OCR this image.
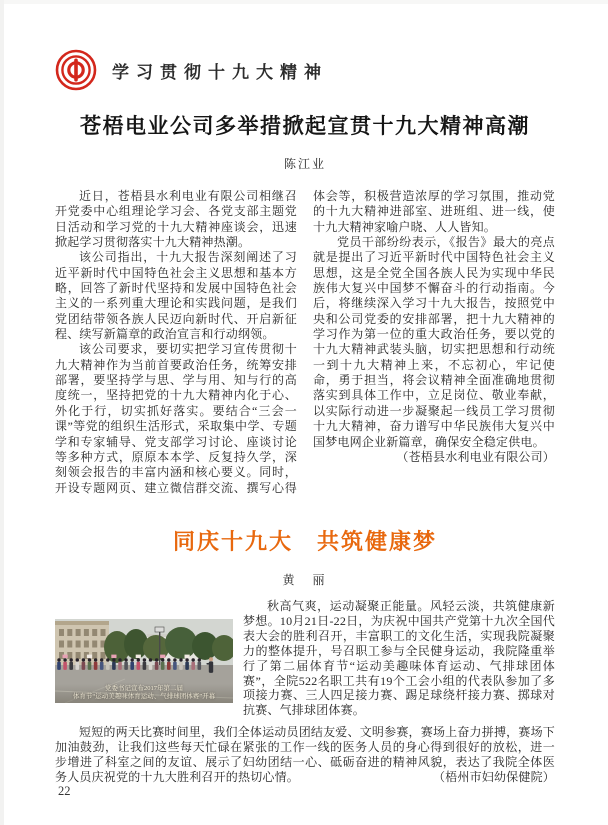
学习贯彻十九大精神
苍梧电业公司多举措掀起宣贯十九大精神高潮
陈江业

近日，苍梧县水利电业有限公司相继召开党委中心组理论学习会、各党支部主题党日活动和学习党的十九大精神座谈会，迅速掀起学习贯彻落实十九大精神热潮。

该公司指出，十九大报告深刻阐述了习近平新时代中国特色社会主义思想和基本方略，回答了新时代坚持和发展中国特色社会主义的一系列重大理论和实践问题，是我们党团结带领各族人民迈向新时代、开启新征程、续写新篇章的政治宣言和行动纲领。

该公司要求，要切实把学习宣传贯彻十九大精神作为当前首要政治任务，统筹安排部署，要坚持学与思、学与用、知与行的高度统一，坚持把党的十九大精神内化于心、外化于行，切实抓好落实。要结合“三会一课”等党的组织生活形式，采取集中学、专题学和专家辅导、党支部学习讨论、座谈讨论等多种方式，原原本本学、反复持久学，深刻领会报告的丰富内涵和核心要义。同时，开设专题网页、建立微信群交流、撰写心得体会等，积极营造浓厚的学习氛围，推动党的十九大精神进部室、进班组、进一线，使十九大精神家喻户晓、人人皆知。

党员干部纷纷表示，《报告》最大的亮点就是提出了习近平新时代中国特色社会主义思想，这是全党全国各族人民为实现中华民族伟大复兴中国梦不懈奋斗的行动指南。今后，将继续深入学习十九大报告，按照党中央和公司党委的安排部署，把十九大精神的学习作为第一位的重大政治任务，要以党的十九大精神武装头脑，切实把思想和行动统一到十九大精神上来，不忘初心，牢记使命，勇于担当，将会议精神全面准确地贯彻落实到具体工作中，立足岗位、敬业奉献，以实际行动进一步凝聚起一线员工学习贯彻十九大精神，奋力谱写中华民族伟大复兴中国梦电网企业新篇章，确保安全稳定供电。
（苍梧县水利电业有限公司）

同庆十九大　共筑健康梦
黄　丽
党委书记宣布2017年第二届
体育节“运动美趣味体育运动、气排球团体赛”开幕

秋高气爽，运动凝聚正能量。风轻云淡，共筑健康新梦想。10月21日-22日，为庆祝中国共产党第十九次全国代表大会的胜利召开，丰富职工的文化生活，实现我院凝聚力的整体提升，号召职工参与全民健身运动，我院隆重举行了第二届体育节“运动美趣味体育运动、气排球团体赛”，全院522名职工共有19个工会小组的代表队参加了多项接力赛、三人四足接力赛、踢足球绕杆接力赛、掷球对抗赛、气排球团体赛。

短短的两天比赛时间里，我们全体运动员团结友爱、文明参赛，赛场上奋力拼搏，赛场下加油鼓劲，让我们这些每天忙碌在紧张的工作一线的医务人员的身心得到很好的放松，进一步增进了科室之间的友谊、展示了妇幼团结一心、砥砺奋进的精神风貌，表达了我院全体医务人员庆祝党的十九大胜利召开的热切心情。	（梧州市妇幼保健院）

22
